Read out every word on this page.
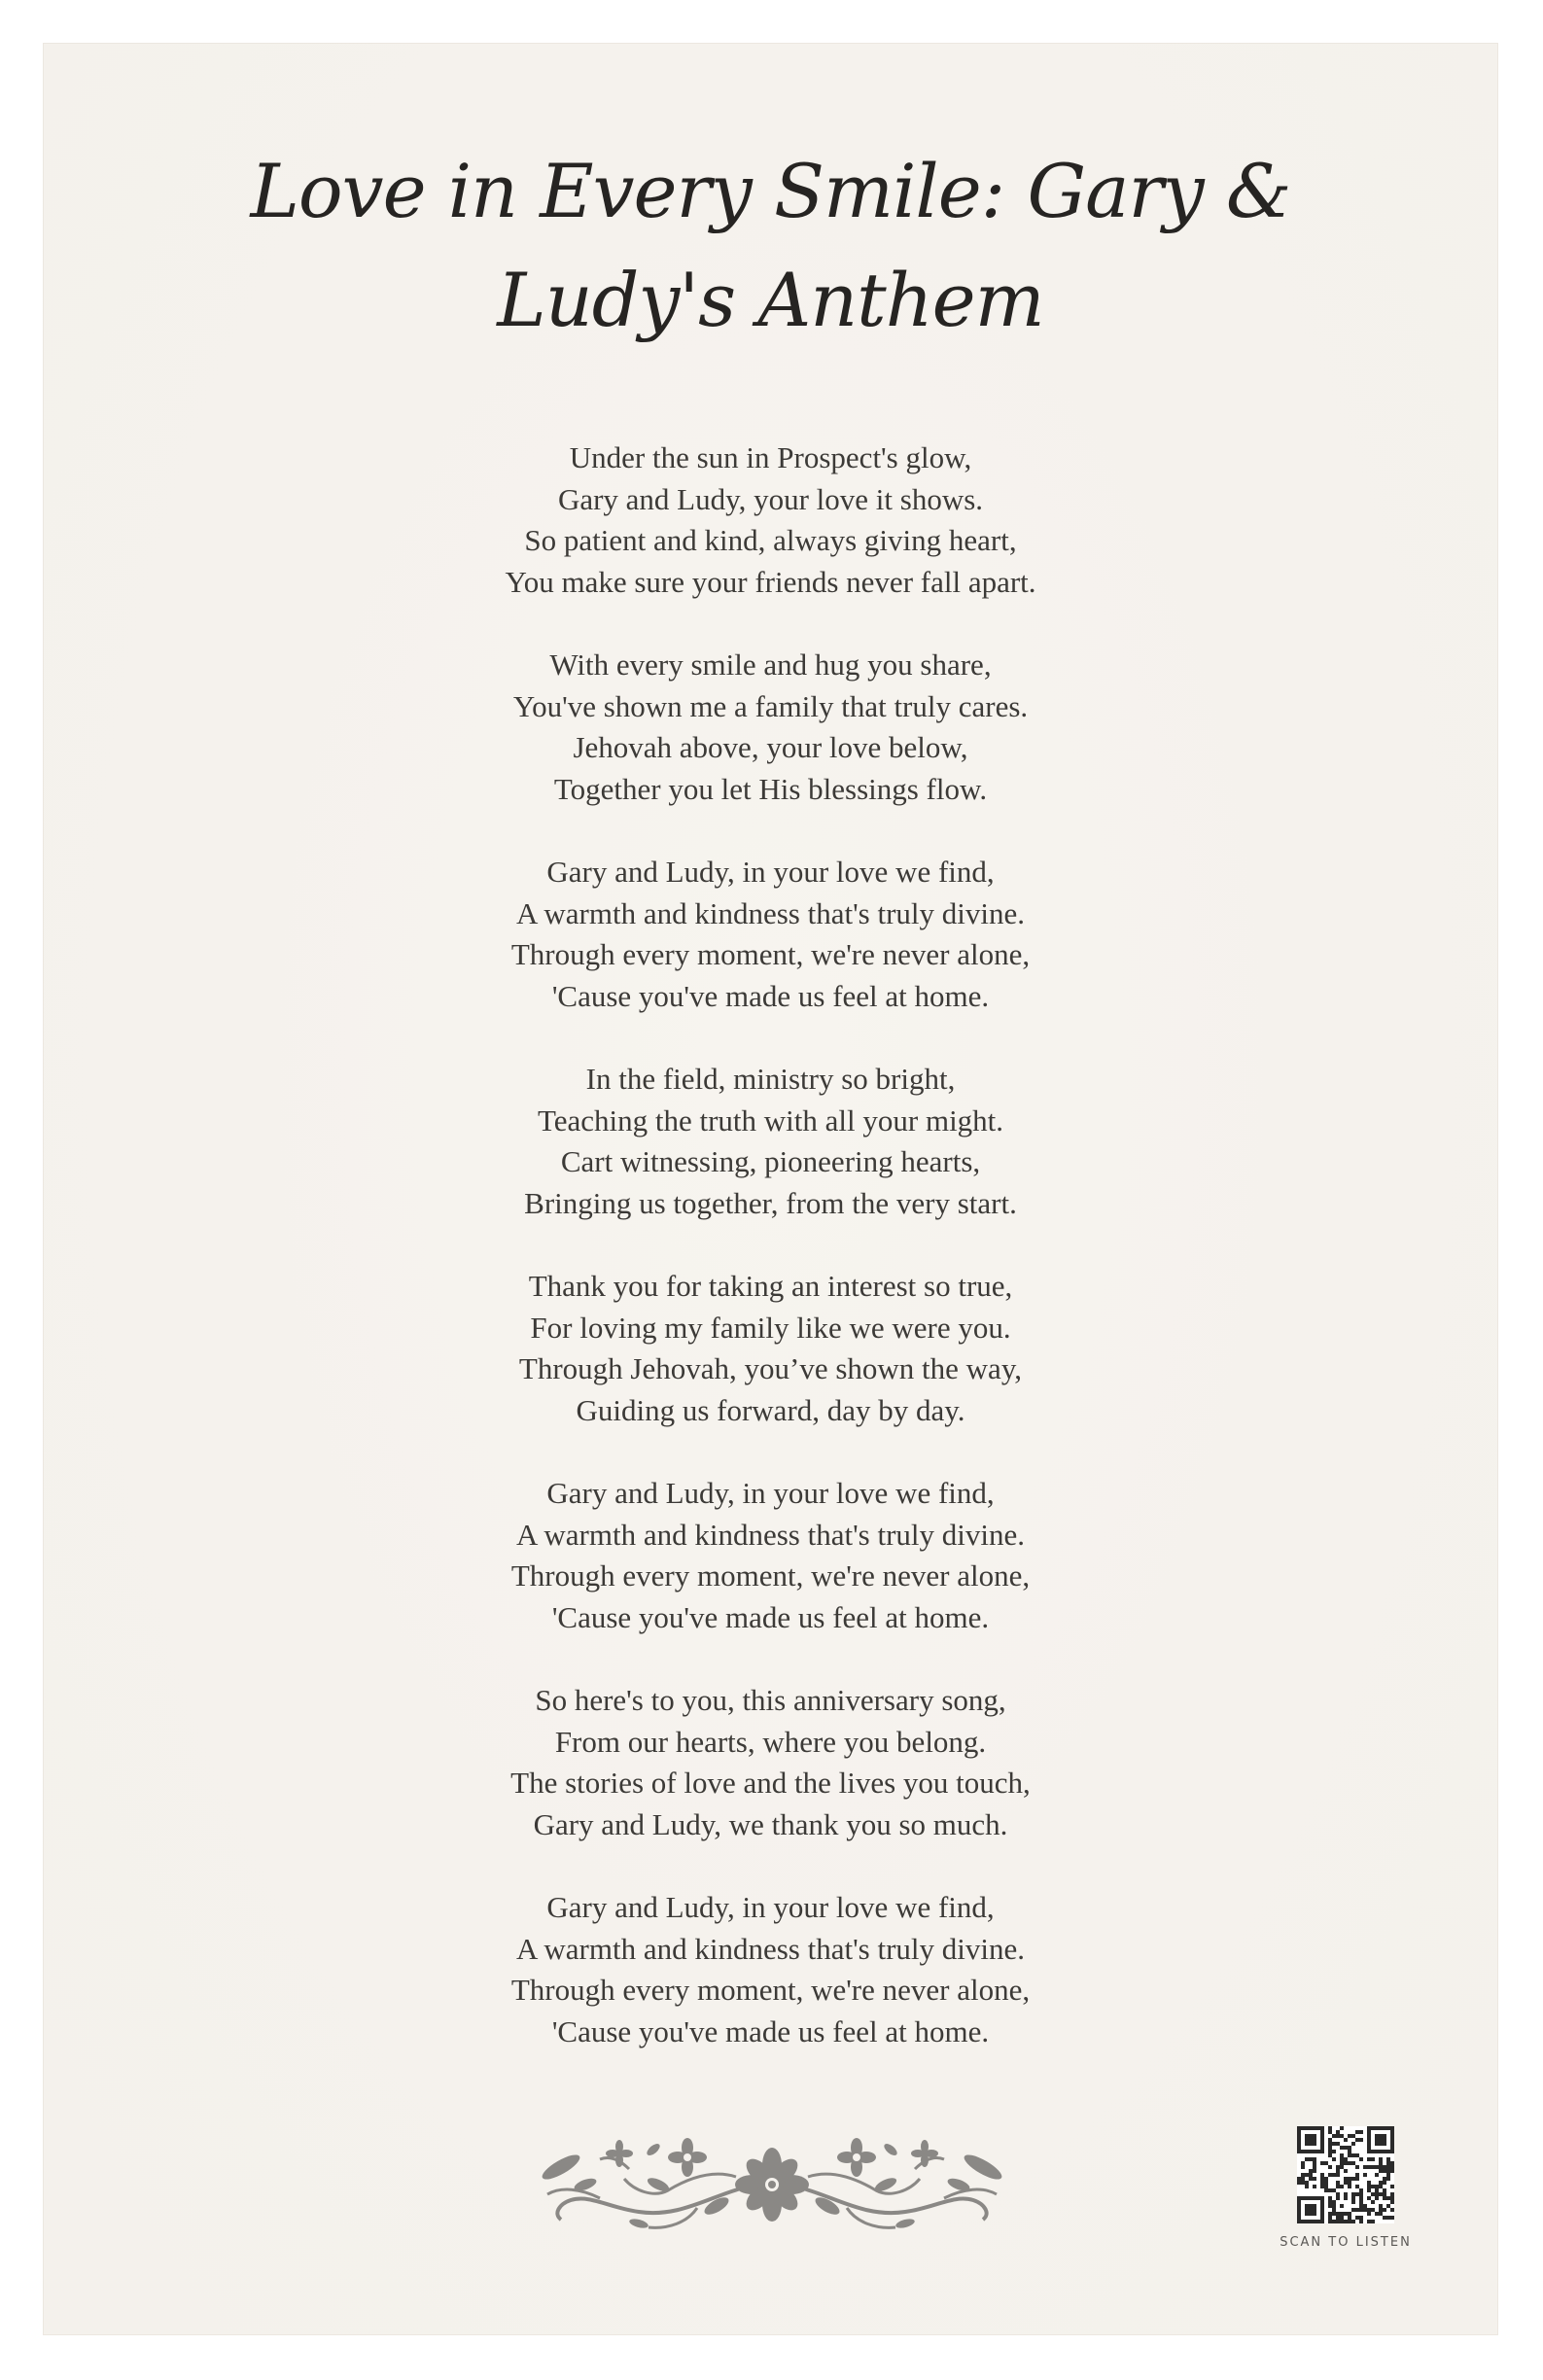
Love in Every Smile: Gary & Ludy's Anthem
Under the sun in Prospect's glow,
Gary and Ludy, your love it shows.
So patient and kind, always giving heart,
You make sure your friends never fall apart.
With every smile and hug you share,
You've shown me a family that truly cares.
Jehovah above, your love below,
Together you let His blessings flow.
Gary and Ludy, in your love we find,
A warmth and kindness that's truly divine.
Through every moment, we're never alone,
'Cause you've made us feel at home.
In the field, ministry so bright,
Teaching the truth with all your might.
Cart witnessing, pioneering hearts,
Bringing us together, from the very start.
Thank you for taking an interest so true,
For loving my family like we were you.
Through Jehovah, you’ve shown the way,
Guiding us forward, day by day.
Gary and Ludy, in your love we find,
A warmth and kindness that's truly divine.
Through every moment, we're never alone,
'Cause you've made us feel at home.
So here's to you, this anniversary song,
From our hearts, where you belong.
The stories of love and the lives you touch,
Gary and Ludy, we thank you so much.
Gary and Ludy, in your love we find,
A warmth and kindness that's truly divine.
Through every moment, we're never alone,
'Cause you've made us feel at home.
SCAN TO LISTEN
